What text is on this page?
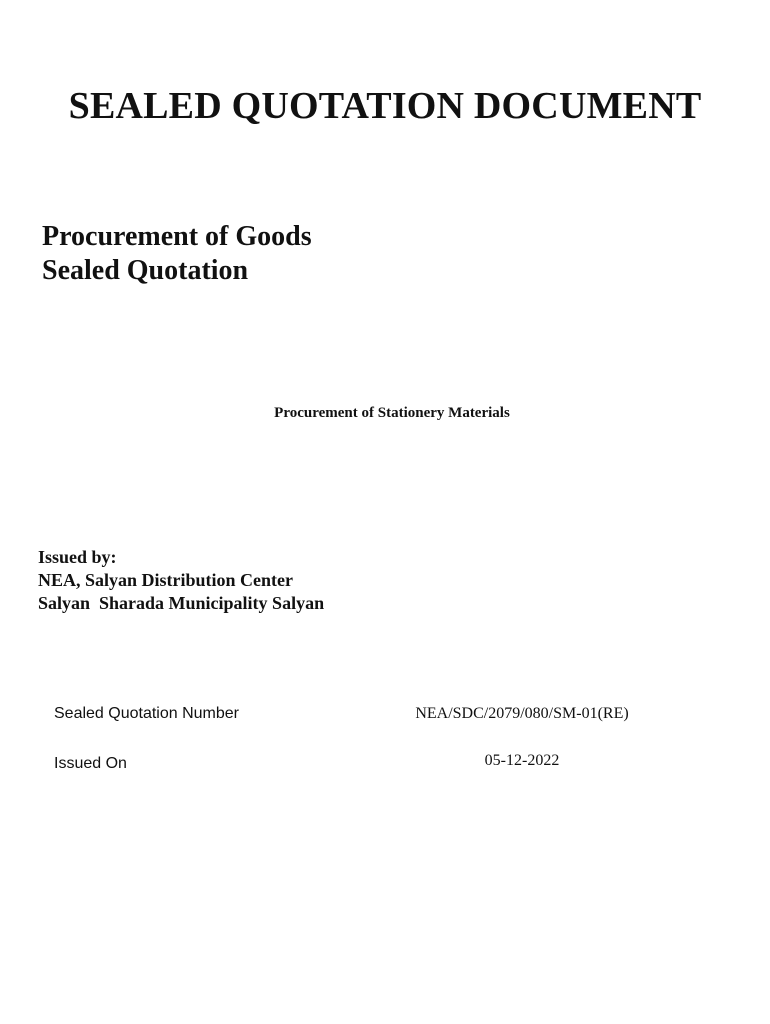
SEALED QUOTATION DOCUMENT
Procurement of Goods
Sealed Quotation
Procurement of Stationery Materials
Issued by:
NEA, Salyan Distribution Center
Salyan  Sharada Municipality Salyan
Sealed Quotation Number	NEA/SDC/2079/080/SM-01(RE)
Issued On	05-12-2022
